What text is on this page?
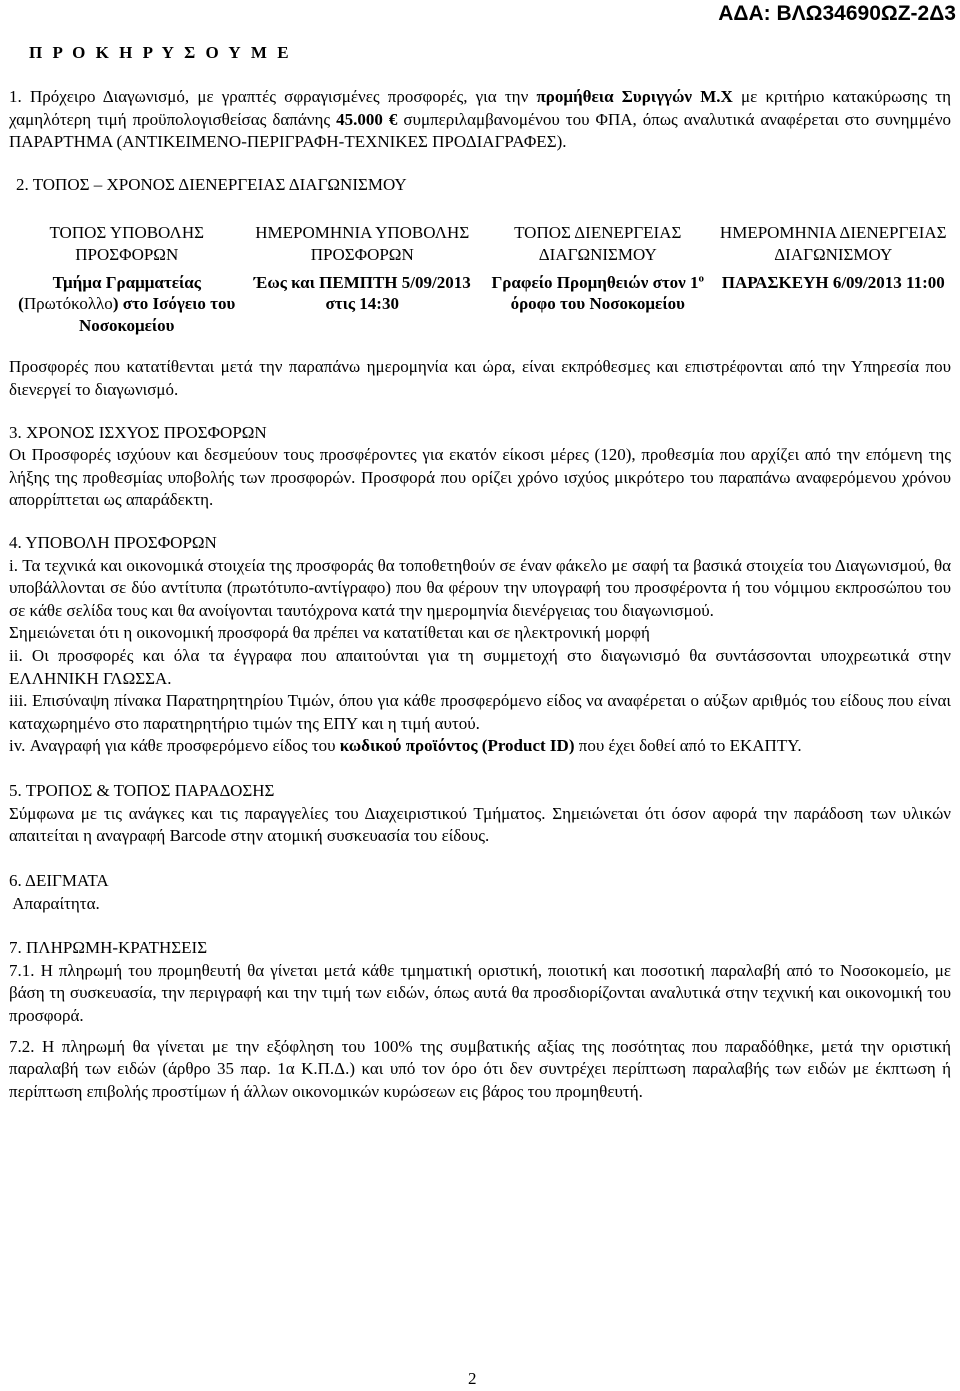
ΑΔΑ: ΒΛΩ34690ΩΖ-2Δ3
Π Ρ Ο Κ Η Ρ Υ Σ Ο Υ Μ Ε

1. Πρόχειρο Διαγωνισμό, με γραπτές σφραγισμένες προσφορές, για την προμήθεια Συριγγών Μ.Χ με κριτήριο κατακύρωσης τη χαμηλότερη τιμή προϋπολογισθείσας δαπάνης 45.000 € συμπεριλαμβανομένου του ΦΠΑ, όπως αναλυτικά αναφέρεται στο συνημμένο ΠΑΡΑΡΤΗΜΑ (ΑΝΤΙΚΕΙΜΕΝΟ-ΠΕΡΙΓΡΑΦΗ-ΤΕΧΝΙΚΕΣ ΠΡΟΔΙΑΓΡΑΦΕΣ).

2. ΤΟΠΟΣ – ΧΡΟΝΟΣ ΔΙΕΝΕΡΓΕΙΑΣ ΔΙΑΓΩΝΙΣΜΟΥ

ΤΟΠΟΣ ΥΠΟΒΟΛΗΣ ΠΡΟΣΦΟΡΩΝ
ΗΜΕΡΟΜΗΝΙΑ ΥΠΟΒΟΛΗΣ ΠΡΟΣΦΟΡΩΝ
ΤΟΠΟΣ ΔΙΕΝΕΡΓΕΙΑΣ ΔΙΑΓΩΝΙΣΜΟΥ
ΗΜΕΡΟΜΗΝΙΑ ΔΙΕΝΕΡΓΕΙΑΣ ΔΙΑΓΩΝΙΣΜΟΥ
Τμήμα Γραμματείας (Πρωτόκολλο) στο Ισόγειο του Νοσοκομείου
Έως και ΠΕΜΠΤΗ 5/09/2013 στις 14:30
Γραφείο Προμηθειών στον $1^o$ όροφο του Νοσοκομείου
ΠΑΡΑΣΚΕΥΗ 6/09/2013 11:00

Προσφορές που κατατίθενται μετά την παραπάνω ημερομηνία και ώρα, είναι εκπρόθεσμες και επιστρέφονται από την Υπηρεσία που διενεργεί το διαγωνισμό.

3. ΧΡΟΝΟΣ ΙΣΧΥΟΣ ΠΡΟΣΦΟΡΩΝ

Οι Προσφορές ισχύουν και δεσμεύουν τους προσφέροντες για εκατόν είκοσι μέρες (120), προθεσμία που αρχίζει από την επόμενη της λήξης της προθεσμίας υποβολής των προσφορών. Προσφορά που ορίζει χρόνο ισχύος μικρότερο του παραπάνω αναφερόμενου χρόνου απορρίπτεται ως απαράδεκτη.

4. ΥΠΟΒΟΛΗ ΠΡΟΣΦΟΡΩΝ

i. Τα τεχνικά και οικονομικά στοιχεία της προσφοράς θα τοποθετηθούν σε έναν φάκελο με σαφή τα βασικά στοιχεία του Διαγωνισμού, θα υποβάλλονται σε δύο αντίτυπα (πρωτότυπο-αντίγραφο) που θα φέρουν την υπογραφή του προσφέροντα ή του νόμιμου εκπροσώπου του σε κάθε σελίδα τους και θα ανοίγονται ταυτόχρονα κατά την ημερομηνία διενέργειας του διαγωνισμού.

Σημειώνεται ότι η οικονομική προσφορά θα πρέπει να κατατίθεται και σε ηλεκτρονική μορφή

ii. Οι προσφορές και όλα τα έγγραφα που απαιτούνται για τη συμμετοχή στο διαγωνισμό θα συντάσσονται υποχρεωτικά στην ΕΛΛΗΝΙΚΗ ΓΛΩΣΣΑ.

iii. Επισύναψη πίνακα Παρατηρητηρίου Τιμών, όπου για κάθε προσφερόμενο είδος να αναφέρεται ο αύξων αριθμός του είδους που είναι καταχωρημένο στο παρατηρητήριο τιμών της ΕΠΥ και η τιμή αυτού.

iv. Αναγραφή για κάθε προσφερόμενο είδος του κωδικού προϊόντος (Product ID) που έχει δοθεί από το ΕΚΑΠΤΥ.

5. ΤΡΟΠΟΣ & ΤΟΠΟΣ ΠΑΡΑΔΟΣΗΣ

Σύμφωνα με τις ανάγκες και τις παραγγελίες του Διαχειριστικού Τμήματος. Σημειώνεται ότι όσον αφορά την παράδοση των υλικών απαιτείται η αναγραφή Barcode στην ατομική συσκευασία του είδους.

6. ΔΕΙΓΜΑΤΑ

Απαραίτητα.

7. ΠΛΗΡΩΜΗ-ΚΡΑΤΗΣΕΙΣ

7.1. Η πληρωμή του προμηθευτή θα γίνεται μετά κάθε τμηματική οριστική, ποιοτική και ποσοτική παραλαβή από το Νοσοκομείο, με βάση τη συσκευασία, την περιγραφή και την τιμή των ειδών, όπως αυτά θα προσδιορίζονται αναλυτικά στην τεχνική και οικονομική του προσφορά.

7.2. Η πληρωμή θα γίνεται με την εξόφληση του 100% της συμβατικής αξίας της ποσότητας που παραδόθηκε, μετά την οριστική παραλαβή των ειδών (άρθρο 35 παρ. 1α Κ.Π.Δ.) και υπό τον όρο ότι δεν συντρέχει περίπτωση παραλαβής των ειδών με έκπτωση ή περίπτωση επιβολής προστίμων ή άλλων οικονομικών κυρώσεων εις βάρος του προμηθευτή.

2
